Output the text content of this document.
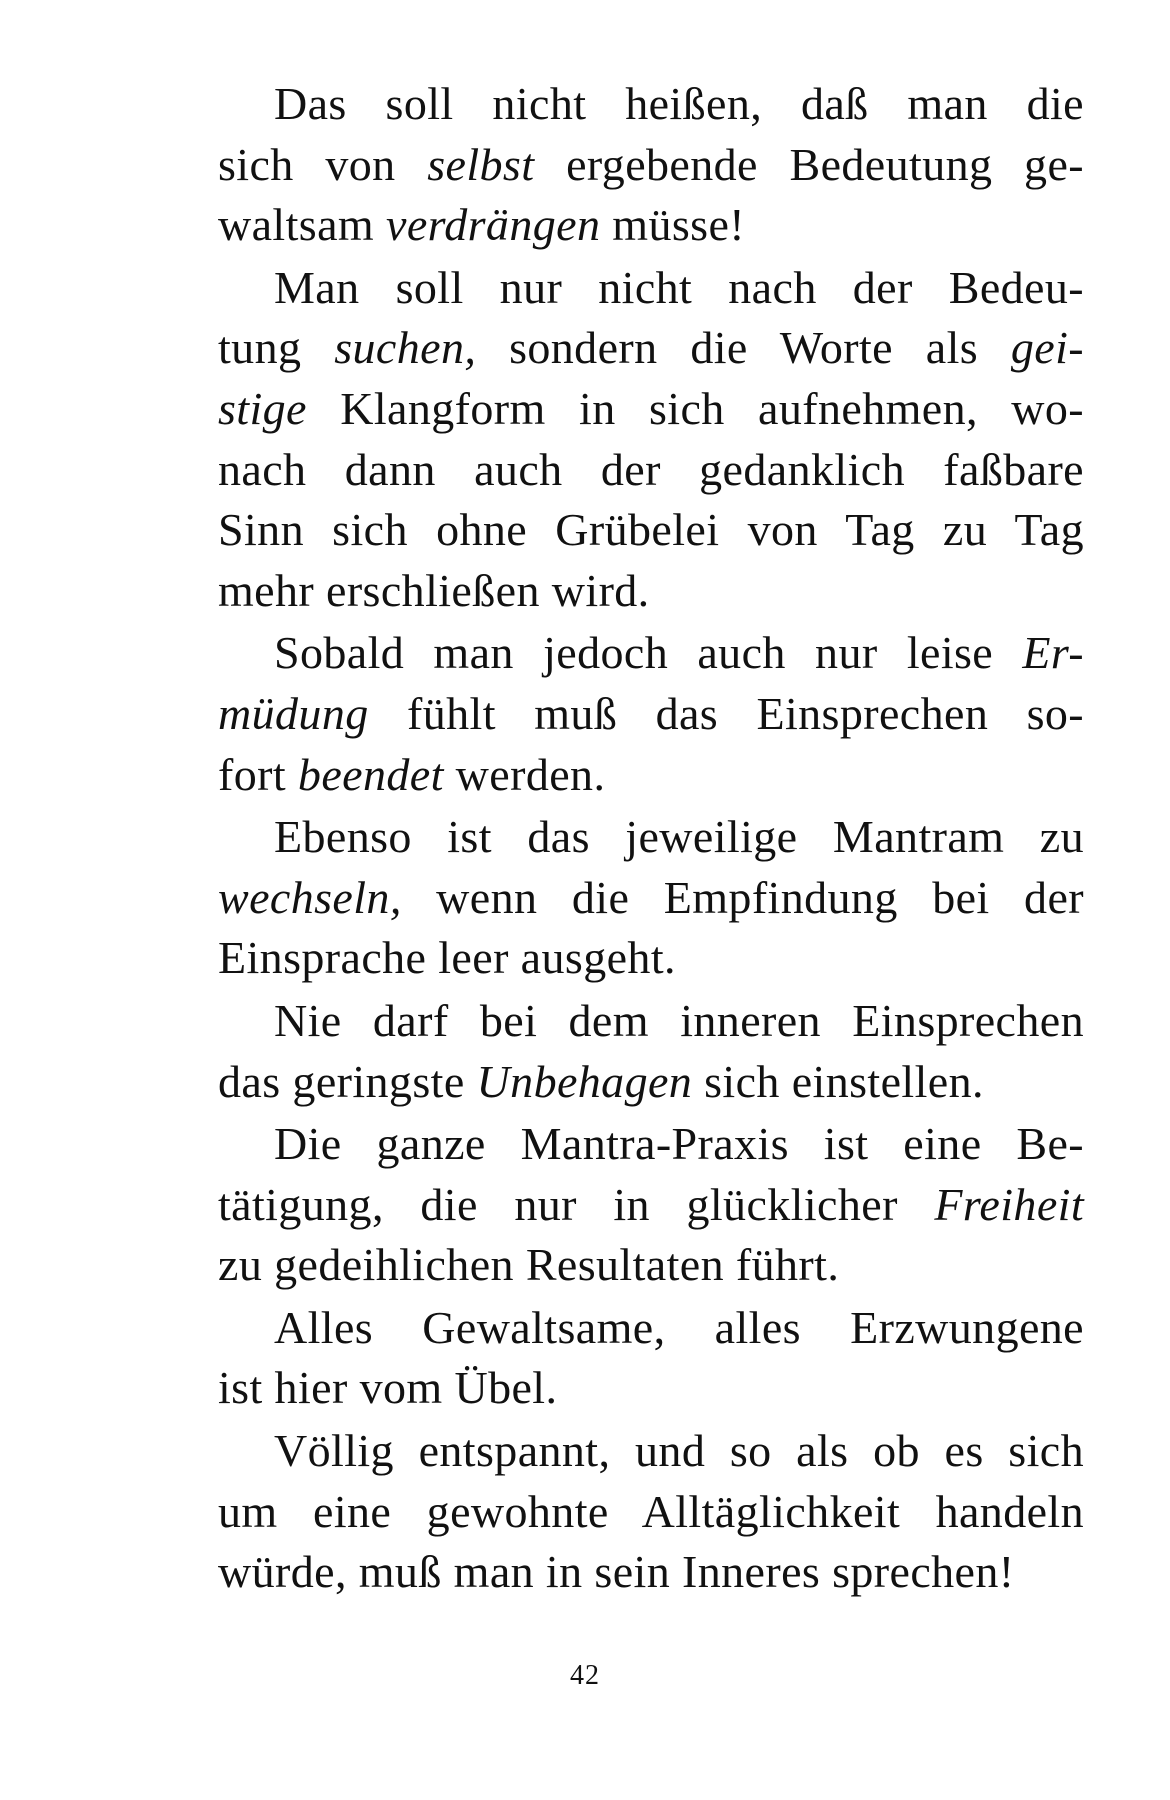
Das soll nicht heißen, daß man die
sich von selbst ergebende Bedeutung ge-
waltsam verdrängen müsse!
Man soll nur nicht nach der Bedeu-
tung suchen, sondern die Worte als gei-
stige Klangform in sich aufnehmen, wo-
nach dann auch der gedanklich faßbare
Sinn sich ohne Grübelei von Tag zu Tag
mehr erschließen wird.
Sobald man jedoch auch nur leise Er-
müdung fühlt muß das Einsprechen so-
fort beendet werden.
Ebenso ist das jeweilige Mantram zu
wechseln, wenn die Empfindung bei der
Einsprache leer ausgeht.
Nie darf bei dem inneren Einsprechen
das geringste Unbehagen sich einstellen.
Die ganze Mantra-Praxis ist eine Be-
tätigung, die nur in glücklicher Freiheit
zu gedeihlichen Resultaten führt.
Alles Gewaltsame, alles Erzwungene
ist hier vom Übel.
Völlig entspannt, und so als ob es sich
um eine gewohnte Alltäglichkeit handeln
würde, muß man in sein Inneres sprechen!
42
